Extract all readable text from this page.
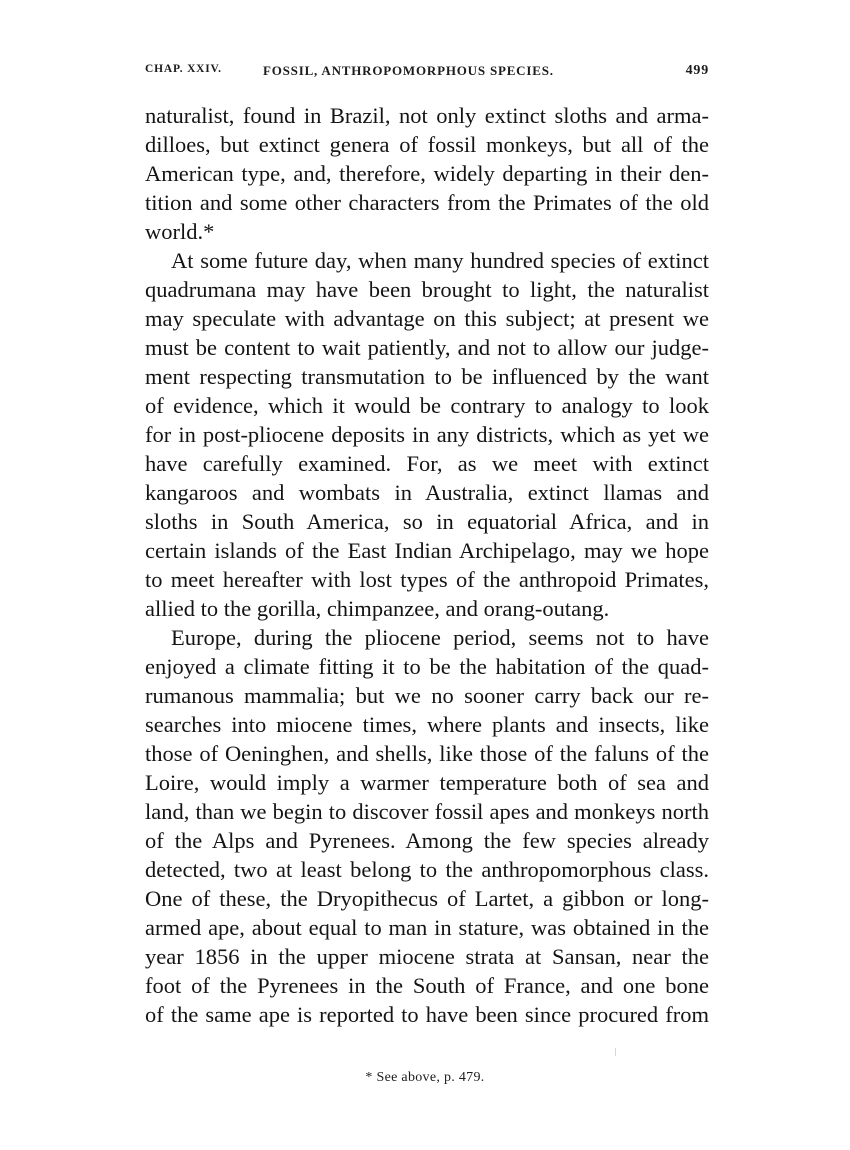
CHAP. XXIV.	FOSSIL, ANTHROPOMORPHOUS SPECIES.	499
naturalist, found in Brazil, not only extinct sloths and arma-
dilloes, but extinct genera of fossil monkeys, but all of the
American type, and, therefore, widely departing in their den-
tition and some other characters from the Primates of the old
world.*
At some future day, when many hundred species of extinct
quadrumana may have been brought to light, the naturalist
may speculate with advantage on this subject; at present we
must be content to wait patiently, and not to allow our judge-
ment respecting transmutation to be influenced by the want
of evidence, which it would be contrary to analogy to look
for in post-pliocene deposits in any districts, which as yet we
have carefully examined. For, as we meet with extinct
kangaroos and wombats in Australia, extinct llamas and
sloths in South America, so in equatorial Africa, and in
certain islands of the East Indian Archipelago, may we hope
to meet hereafter with lost types of the anthropoid Primates,
allied to the gorilla, chimpanzee, and orang-outang.
Europe, during the pliocene period, seems not to have
enjoyed a climate fitting it to be the habitation of the quad-
rumanous mammalia; but we no sooner carry back our re-
searches into miocene times, where plants and insects, like
those of Oeninghen, and shells, like those of the faluns of the
Loire, would imply a warmer temperature both of sea and
land, than we begin to discover fossil apes and monkeys north
of the Alps and Pyrenees. Among the few species already
detected, two at least belong to the anthropomorphous class.
One of these, the Dryopithecus of Lartet, a gibbon or long-
armed ape, about equal to man in stature, was obtained in the
year 1856 in the upper miocene strata at Sansan, near the
foot of the Pyrenees in the South of France, and one bone
of the same ape is reported to have been since procured from
* See above, p. 479.
